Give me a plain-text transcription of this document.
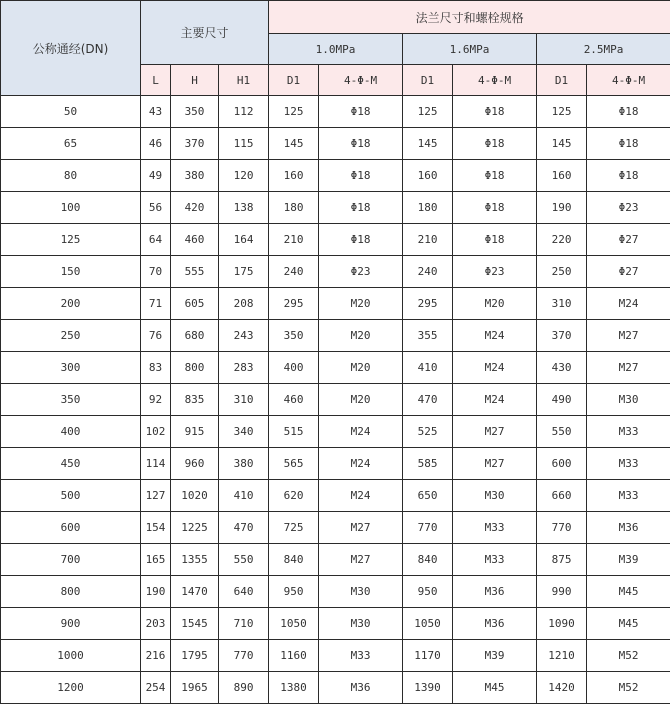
公称通经(DN)	主要尺寸			法兰尺寸和螺栓规格					
				1.0MPa		1.6MPa		2.5MPa	
	L	H	H1	D1	4-Φ-M	D1	4-Φ-M	D1	4-Φ-M
50	43	350	112	125	Φ18	125	Φ18	125	Φ18
65	46	370	115	145	Φ18	145	Φ18	145	Φ18
80	49	380	120	160	Φ18	160	Φ18	160	Φ18
100	56	420	138	180	Φ18	180	Φ18	190	Φ23
125	64	460	164	210	Φ18	210	Φ18	220	Φ27
150	70	555	175	240	Φ23	240	Φ23	250	Φ27
200	71	605	208	295	M20	295	M20	310	M24
250	76	680	243	350	M20	355	M24	370	M27
300	83	800	283	400	M20	410	M24	430	M27
350	92	835	310	460	M20	470	M24	490	M30
400	102	915	340	515	M24	525	M27	550	M33
450	114	960	380	565	M24	585	M27	600	M33
500	127	1020	410	620	M24	650	M30	660	M33
600	154	1225	470	725	M27	770	M33	770	M36
700	165	1355	550	840	M27	840	M33	875	M39
800	190	1470	640	950	M30	950	M36	990	M45
900	203	1545	710	1050	M30	1050	M36	1090	M45
1000	216	1795	770	1160	M33	1170	M39	1210	M52
1200	254	1965	890	1380	M36	1390	M45	1420	M52
